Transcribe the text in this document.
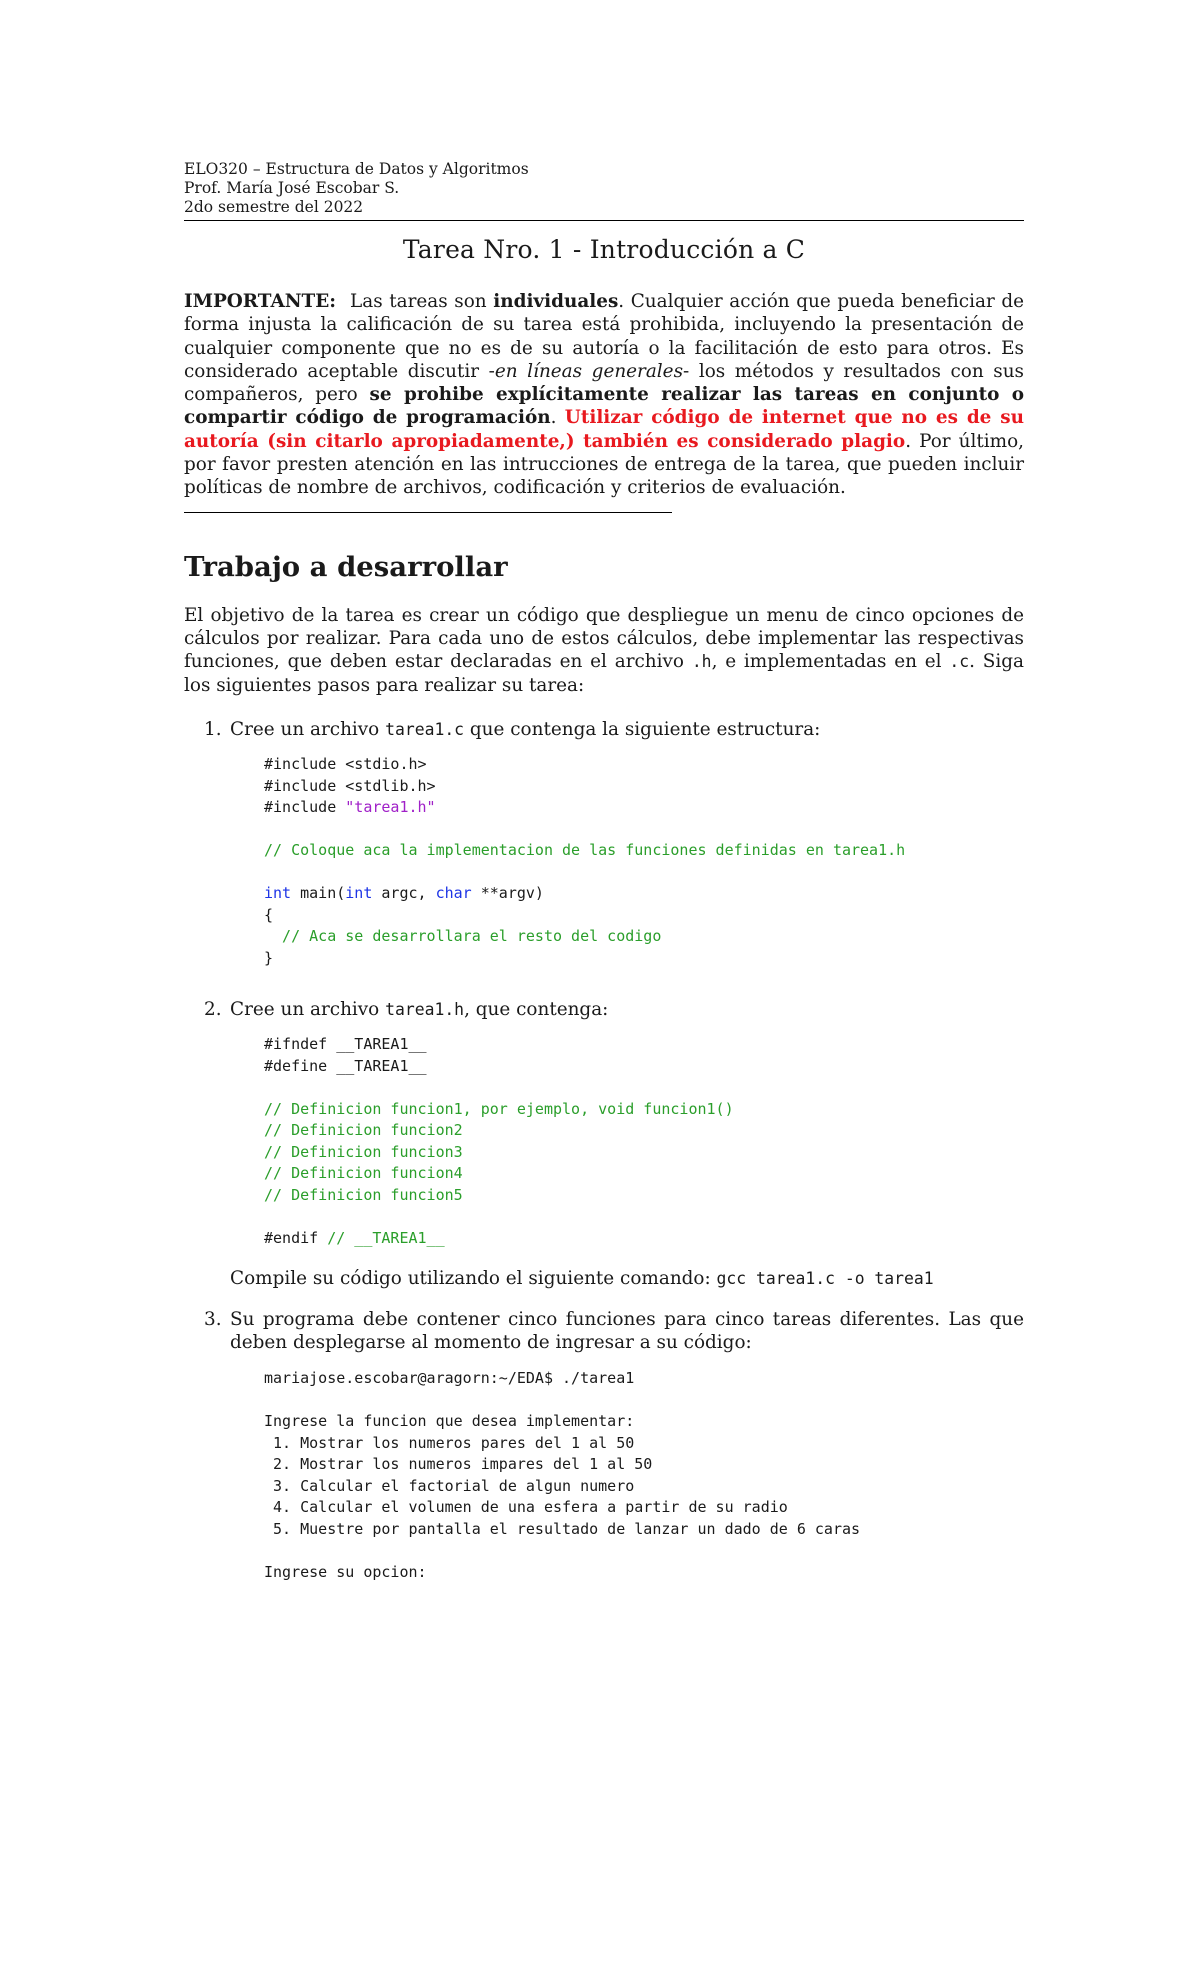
ELO320 – Estructura de Datos y Algoritmos
Prof. María José Escobar S.
2do semestre del 2022
Tarea Nro. 1 - Introducción a C
IMPORTANTE: Las tareas son individuales. Cualquier acción que pueda beneficiar de forma injusta la calificación de su tarea está prohibida, incluyendo la presentación de cualquier componente que no es de su autoría o la facilitación de esto para otros. Es considerado aceptable discutir -en líneas generales- los métodos y resultados con sus compañeros, pero se prohibe explícitamente realizar las tareas en conjunto o compartir código de programación. Utilizar código de internet que no es de su autoría (sin citarlo apropiadamente,) también es considerado plagio. Por último, por favor presten atención en las intrucciones de entrega de la tarea, que pueden incluir políticas de nombre de archivos, codificación y criterios de evaluación.
Trabajo a desarrollar
El objetivo de la tarea es crear un código que despliegue un menu de cinco opciones de cálculos por realizar. Para cada uno de estos cálculos, debe implementar las respectivas funciones, que deben estar declaradas en el archivo .h, e implementadas en el .c. Siga los siguientes pasos para realizar su tarea:
1. Cree un archivo tarea1.c que contenga la siguiente estructura:
#include <stdio.h>
#include <stdlib.h>
#include "tarea1.h"

// Coloque aca la implementacion de las funciones definidas en tarea1.h

int main(int argc, char **argv)
{
// Aca se desarrollara el resto del codigo
}
2. Cree un archivo tarea1.h, que contenga:
#ifndef __TAREA1__
#define __TAREA1__

// Definicion funcion1, por ejemplo, void funcion1()
// Definicion funcion2
// Definicion funcion3
// Definicion funcion4
// Definicion funcion5

#endif // __TAREA1__
Compile su código utilizando el siguiente comando: gcc tarea1.c -o tarea1
3. Su programa debe contener cinco funciones para cinco tareas diferentes. Las que deben desplegarse al momento de ingresar a su código:
mariajose.escobar@aragorn:~/EDA$ ./tarea1

Ingrese la funcion que desea implementar:
1. Mostrar los numeros pares del 1 al 50
2. Mostrar los numeros impares del 1 al 50
3. Calcular el factorial de algun numero
4. Calcular el volumen de una esfera a partir de su radio
5. Muestre por pantalla el resultado de lanzar un dado de 6 caras

Ingrese su opcion:
